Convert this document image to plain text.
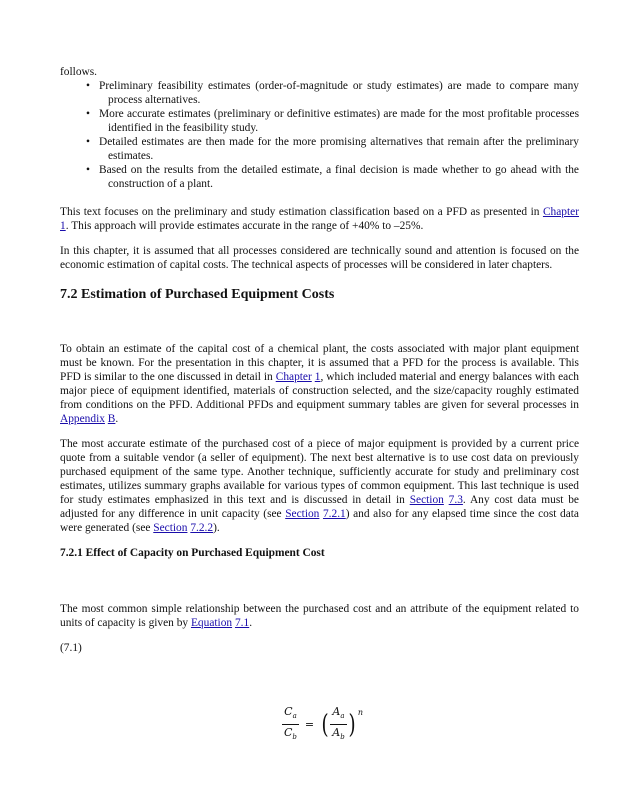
follows.

• Preliminary feasibility estimates (order-of-magnitude or study estimates) are made to compare many process alternatives.
• More accurate estimates (preliminary or definitive estimates) are made for the most profitable processes identified in the feasibility study.
• Detailed estimates are then made for the more promising alternatives that remain after the preliminary estimates.
• Based on the results from the detailed estimate, a final decision is made whether to go ahead with the construction of a plant.

This text focuses on the preliminary and study estimation classification based on a PFD as presented in Chapter 1. This approach will provide estimates accurate in the range of +40% to –25%.

In this chapter, it is assumed that all processes considered are technically sound and attention is focused on the economic estimation of capital costs. The technical aspects of processes will be considered in later chapters.

7.2 Estimation of Purchased Equipment Costs

To obtain an estimate of the capital cost of a chemical plant, the costs associated with major plant equipment must be known. For the presentation in this chapter, it is assumed that a PFD for the process is available. This PFD is similar to the one discussed in detail in Chapter 1, which included material and energy balances with each major piece of equipment identified, materials of construction selected, and the size/capacity roughly estimated from conditions on the PFD. Additional PFDs and equipment summary tables are given for several processes in Appendix B.

The most accurate estimate of the purchased cost of a piece of major equipment is provided by a current price quote from a suitable vendor (a seller of equipment). The next best alternative is to use cost data on previously purchased equipment of the same type. Another technique, sufficiently accurate for study and preliminary cost estimates, utilizes summary graphs available for various types of common equipment. This last technique is used for study estimates emphasized in this text and is discussed in detail in Section 7.3. Any cost data must be adjusted for any difference in unit capacity (see Section 7.2.1) and also for any elapsed time since the cost data were generated (see Section 7.2.2).

7.2.1 Effect of Capacity on Purchased Equipment Cost

The most common simple relationship between the purchased cost and an attribute of the equipment related to units of capacity is given by Equation 7.1.

(7.1)

$\frac{C_a}{C_b}$ = ( $\frac{A_a}{A_b}$ ) n
